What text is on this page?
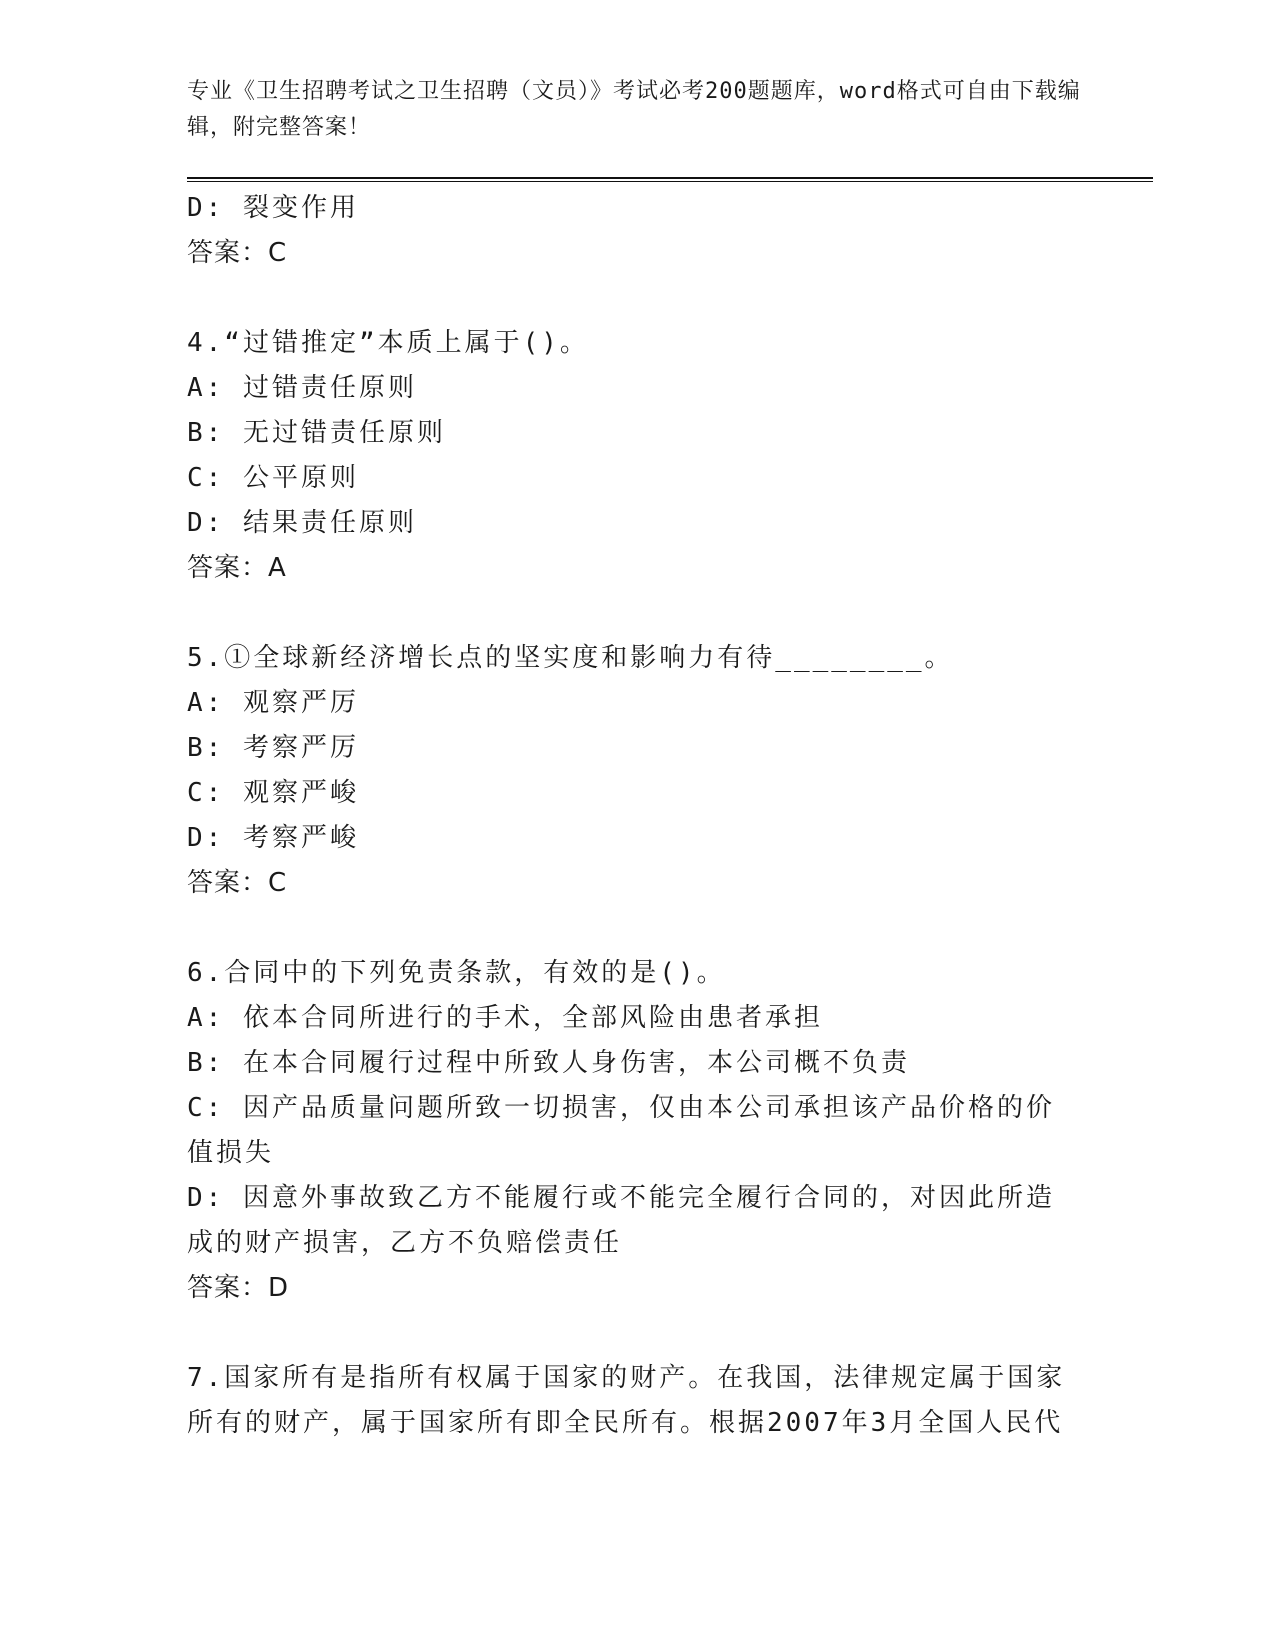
专业《卫生招聘考试之卫生招聘（文员）》考试必考200题题库，word格式可自由下载编辑，附完整答案！
D: 裂变作用
答案：C
4.“过错推定”本质上属于()。
A: 过错责任原则
B: 无过错责任原则
C: 公平原则
D: 结果责任原则
答案：A
5.①全球新经济增长点的坚实度和影响力有待________。
A: 观察严厉
B: 考察严厉
C: 观察严峻
D: 考察严峻
答案：C
6.合同中的下列免责条款，有效的是()。
A: 依本合同所进行的手术，全部风险由患者承担
B: 在本合同履行过程中所致人身伤害，本公司概不负责
C: 因产品质量问题所致一切损害，仅由本公司承担该产品价格的价值损失
D: 因意外事故致乙方不能履行或不能完全履行合同的，对因此所造成的财产损害，乙方不负赔偿责任
答案：D
7.国家所有是指所有权属于国家的财产。在我国，法律规定属于国家所有的财产，属于国家所有即全民所有。根据2007年3月全国人民代
